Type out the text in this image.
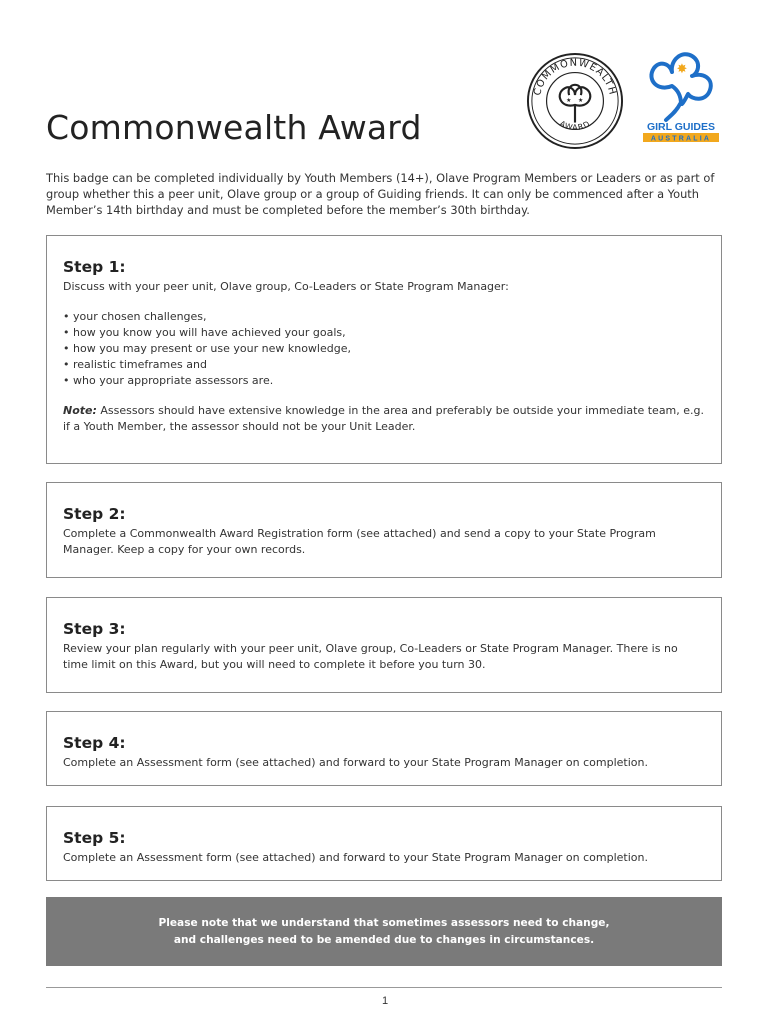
Commonwealth Award
COMMONWEALTH
AWARD
★ ★
✸
GIRL GUIDES
AUSTRALIA
This badge can be completed individually by Youth Members (14+), Olave Program Members or Leaders or as part of group whether this a peer unit, Olave group or a group of Guiding friends. It can only be commenced after a Youth Member’s 14th birthday and must be completed before the member’s 30th birthday.
Step 1:

Discuss with your peer unit, Olave group, Co-Leaders or State Program Manager:

• your chosen challenges,
• how you know you will have achieved your goals,
• how you may present or use your new knowledge,
• realistic timeframes and
• who your appropriate assessors are.

Note: Assessors should have extensive knowledge in the area and preferably be outside your immediate team, e.g. if a Youth Member, the assessor should not be your Unit Leader.

Step 2:

Complete a Commonwealth Award Registration form (see attached) and send a copy to your State Program Manager. Keep a copy for your own records.

Step 3:

Review your plan regularly with your peer unit, Olave group, Co-Leaders or State Program Manager. There is no time limit on this Award, but you will need to complete it before you turn 30.

Step 4:

Complete an Assessment form (see attached) and forward to your State Program Manager on completion.

Step 5:

Complete an Assessment form (see attached) and forward to your State Program Manager on completion.

Please note that we understand that sometimes assessors need to change,
and challenges need to be amended due to changes in circumstances.
1
